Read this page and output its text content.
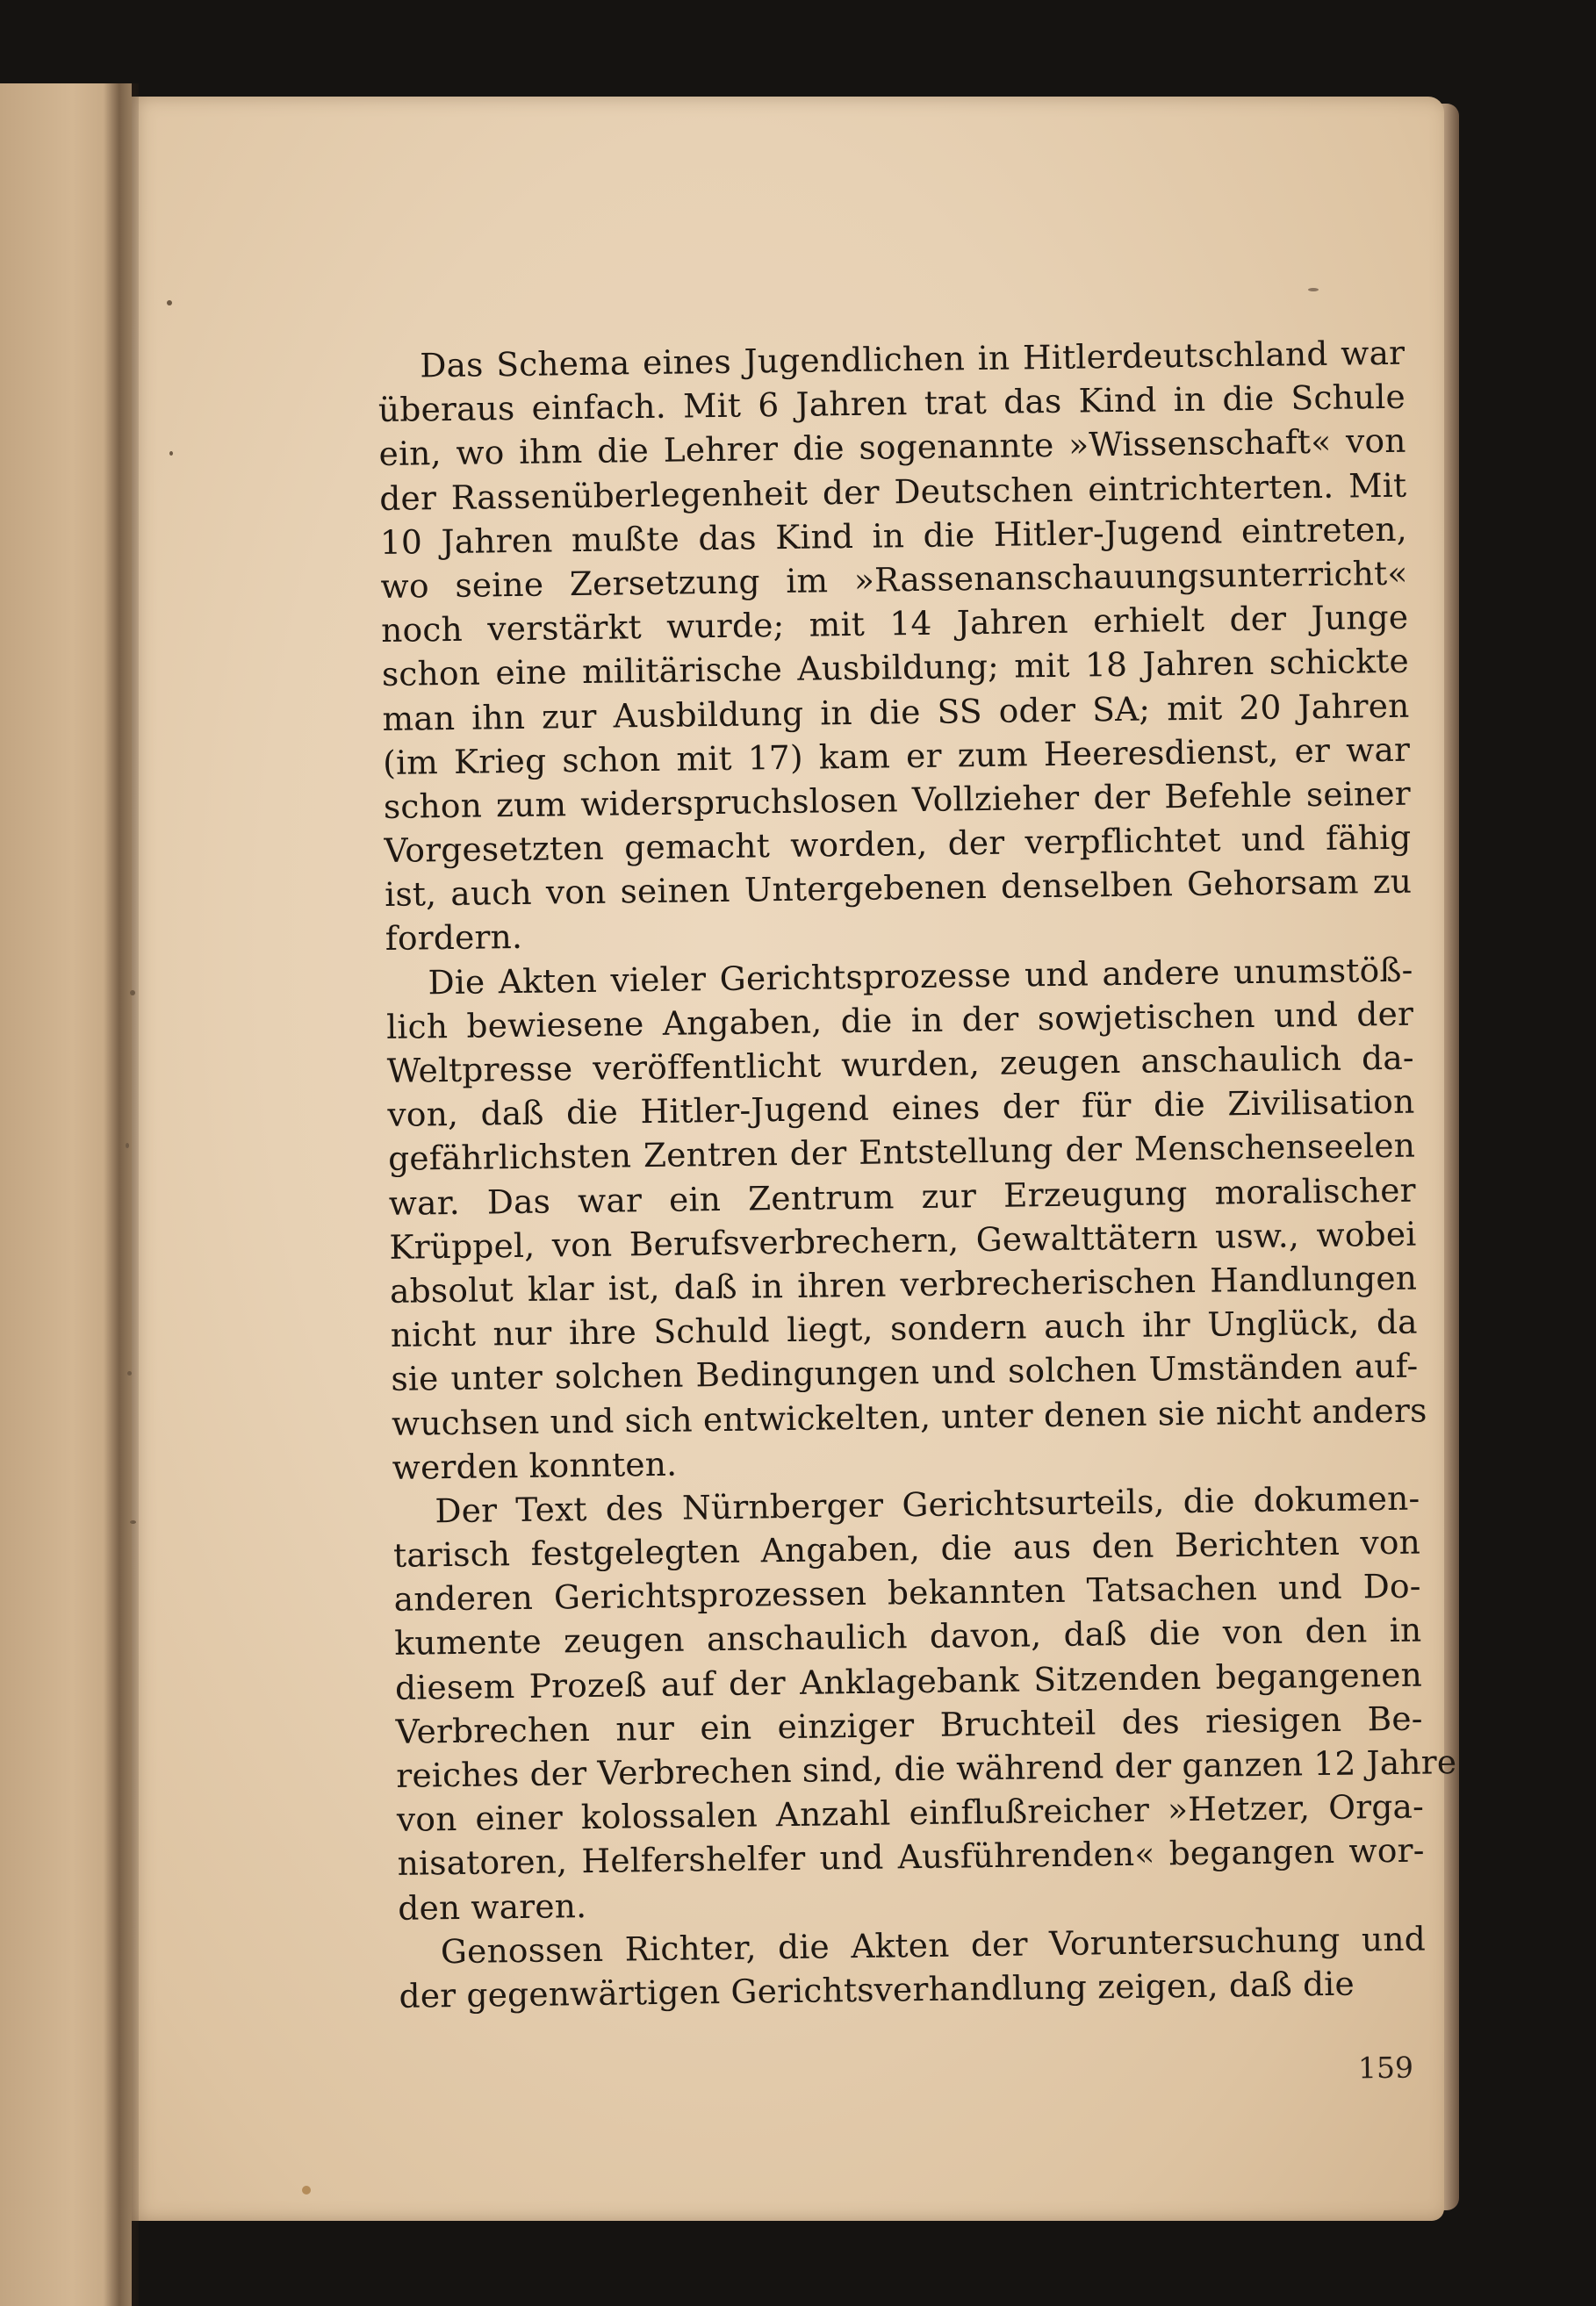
Das Schema eines Jugendlichen in Hitlerdeutschland war
überaus einfach. Mit 6 Jahren trat das Kind in die Schule
ein, wo ihm die Lehrer die sogenannte »Wissenschaft« von
der Rassenüberlegenheit der Deutschen eintrichterten. Mit
10 Jahren mußte das Kind in die Hitler-Jugend eintreten,
wo seine Zersetzung im »Rassenanschauungsunterricht«
noch verstärkt wurde; mit 14 Jahren erhielt der Junge
schon eine militärische Ausbildung; mit 18 Jahren schickte
man ihn zur Ausbildung in die SS oder SA; mit 20 Jahren
(im Krieg schon mit 17) kam er zum Heeresdienst, er war
schon zum widerspruchslosen Vollzieher der Befehle seiner
Vorgesetzten gemacht worden, der verpflichtet und fähig
ist, auch von seinen Untergebenen denselben Gehorsam zu
fordern.
Die Akten vieler Gerichtsprozesse und andere unumstöß-
lich bewiesene Angaben, die in der sowjetischen und der
Weltpresse veröffentlicht wurden, zeugen anschaulich da-
von, daß die Hitler-Jugend eines der für die Zivilisation
gefährlichsten Zentren der Entstellung der Menschenseelen
war. Das war ein Zentrum zur Erzeugung moralischer
Krüppel, von Berufsverbrechern, Gewalttätern usw., wobei
absolut klar ist, daß in ihren verbrecherischen Handlungen
nicht nur ihre Schuld liegt, sondern auch ihr Unglück, da
sie unter solchen Bedingungen und solchen Umständen auf-
wuchsen und sich entwickelten, unter denen sie nicht anders
werden konnten.
Der Text des Nürnberger Gerichtsurteils, die dokumen-
tarisch festgelegten Angaben, die aus den Berichten von
anderen Gerichtsprozessen bekannten Tatsachen und Do-
kumente zeugen anschaulich davon, daß die von den in
diesem Prozeß auf der Anklagebank Sitzenden begangenen
Verbrechen nur ein einziger Bruchteil des riesigen Be-
reiches der Verbrechen sind, die während der ganzen 12 Jahre
von einer kolossalen Anzahl einflußreicher »Hetzer, Orga-
nisatoren, Helfershelfer und Ausführenden« begangen wor-
den waren.
Genossen Richter, die Akten der Voruntersuchung und
der gegenwärtigen Gerichtsverhandlung zeigen, daß die
159
